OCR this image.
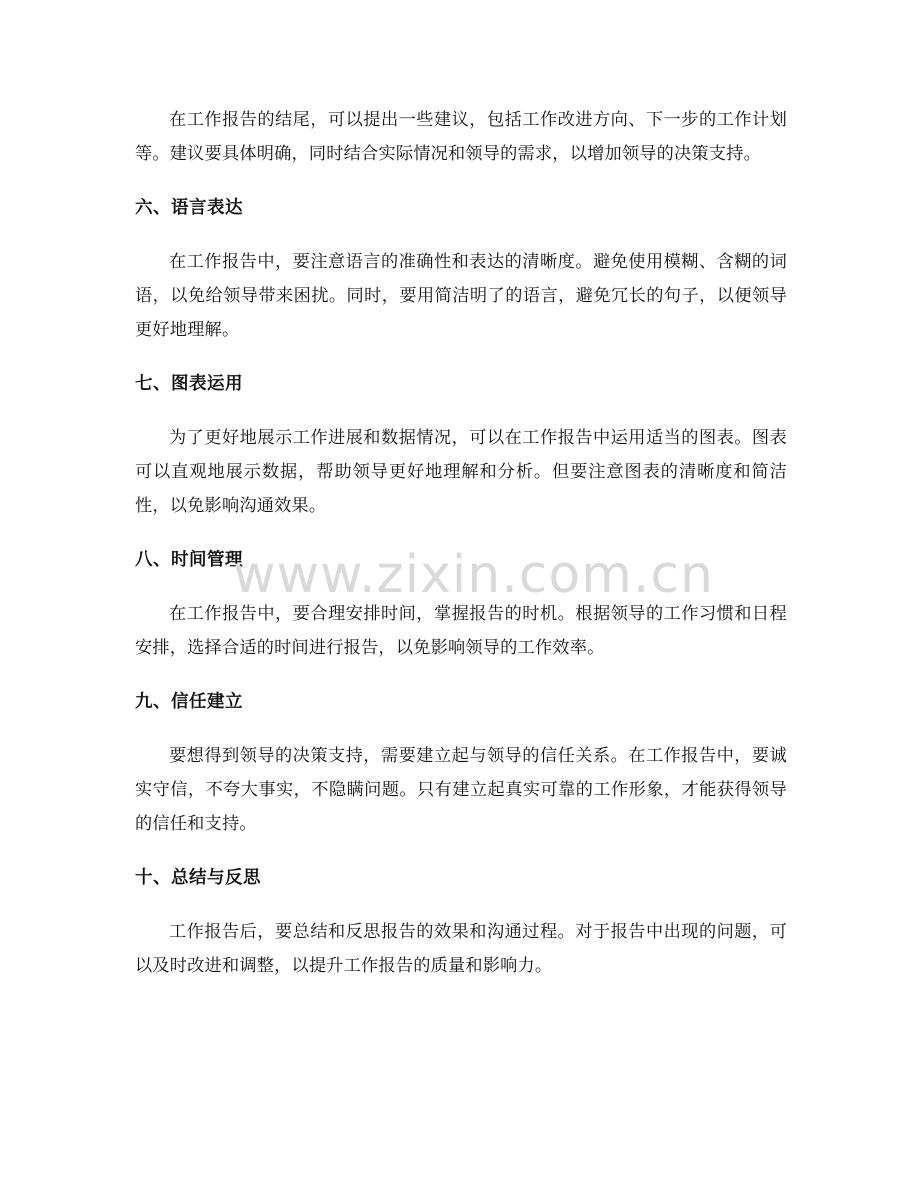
在工作报告的结尾，可以提出一些建议，包括工作改进方向、下一步的工作计划等。建议要具体明确，同时结合实际情况和领导的需求，以增加领导的决策支持。

六、语言表达

在工作报告中，要注意语言的准确性和表达的清晰度。避免使用模糊、含糊的词语，以免给领导带来困扰。同时，要用简洁明了的语言，避免冗长的句子，以便领导更好地理解。

七、图表运用

为了更好地展示工作进展和数据情况，可以在工作报告中运用适当的图表。图表可以直观地展示数据，帮助领导更好地理解和分析。但要注意图表的清晰度和简洁性，以免影响沟通效果。

八、时间管理

在工作报告中，要合理安排时间，掌握报告的时机。根据领导的工作习惯和日程安排，选择合适的时间进行报告，以免影响领导的工作效率。

九、信任建立

要想得到领导的决策支持，需要建立起与领导的信任关系。在工作报告中，要诚实守信，不夸大事实，不隐瞒问题。只有建立起真实可靠的工作形象，才能获得领导的信任和支持。

十、总结与反思

工作报告后，要总结和反思报告的效果和沟通过程。对于报告中出现的问题，可以及时改进和调整，以提升工作报告的质量和影响力。

www.zixin.com.cn
